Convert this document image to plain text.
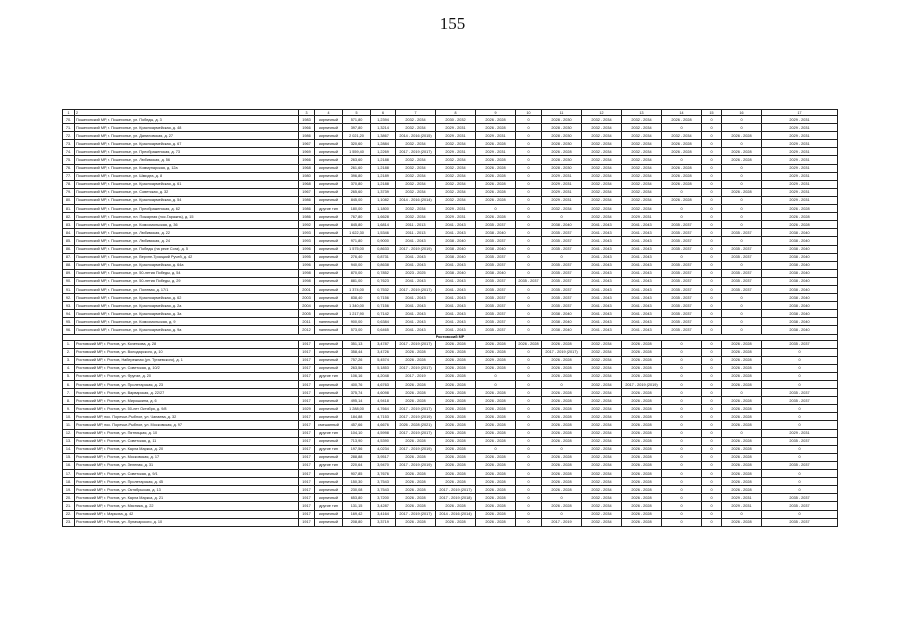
155
1	2	3	4	5	6	7	8	9	10	11	12	13	14	15	16	17
70.	Пошехонский МР, г. Пошехонье, ул. Победы, д. 3	1983	кирпичный	571,80	1,2394	2032 - 2034	2030 - 2032	2026 - 2028	0	2028 - 2030	2032 - 2034	2032 - 2034	2026 - 2028	0	0	2029 - 2031
71.	Пошехонский МР, г. Пошехонье, ул. Красноармейская, д. 48	1966	кирпичный	397,80	1,3214	2032 - 2034	2029 - 2031	2026 - 2028	0	2028 - 2030	2032 - 2034	2032 - 2034	0	0	0	2029 - 2031
72.	Пошехонский МР, г. Пошехонье, ул. Даниловская, д. 27	1986	кирпичный	2 021,20	1,3867	2014 - 2016 (2015)	2029 - 2031	2029 - 2031	0	2028 - 2030	2032 - 2034	2032 - 2034	2032 - 2034	0	2026 - 2028	2029 - 2031
73.	Пошехонский МР, г. Пошехонье, ул. Красноармейская, д. 67	1967	кирпичный	320,60	1,2884	2032 - 2034	2032 - 2034	2026 - 2028	0	2028 - 2030	2032 - 2034	2032 - 2034	2026 - 2028	0	0	2029 - 2031
74.	Пошехонский МР, г. Пошехонье, ул. Преображенская, д. 73	1969	кирпичный	1 559,40	1,2269	2017 - 2019 (2017)	2029 - 2031	2029 - 2031	0	2026 - 2028	2032 - 2034	2032 - 2034	2026 - 2028	0	2026 - 2028	2029 - 2031
75.	Пошехонский МР, г. Пошехонье, ул. Любимская, д. 56	1966	кирпичный	263,60	1,2188	2032 - 2034	2032 - 2034	2026 - 2028	0	2028 - 2030	2032 - 2034	2032 - 2034	0	0	2026 - 2028	2029 - 2031
76.	Пошехонский МР, г. Пошехонье, ул. Коммунарская, д. 12а	1968	кирпичный	261,60	1,2188	2032 - 2034	2032 - 2034	2026 - 2028	0	2028 - 2030	2032 - 2034	2032 - 2034	2026 - 2028	0	0	2029 - 2031
77.	Пошехонский МР, г. Пошехонье, ул. Шмидта, д. 8	1980	кирпичный	396,80	1,2189	2032 - 2034	2032 - 2034	2026 - 2028	0	2029 - 2031	2032 - 2034	2032 - 2034	2026 - 2028	0	0	2029 - 2031
78.	Пошехонский МР, г. Пошехонье, ул. Красноармейская, д. 61	1968	кирпичный	370,80	1,2188	2032 - 2034	2032 - 2034	2026 - 2028	0	2029 - 2031	2032 - 2034	2032 - 2034	2026 - 2028	0	0	2029 - 2031
79.	Пошехонский МР, г. Пошехонье, ул. Советская, д. 32	1967	кирпичный	265,60	1,3739	2032 - 2034	2032 - 2034	2026 - 2028	0	2029 - 2031	2032 - 2034	2032 - 2034	0	0	2026 - 2028	2029 - 2031
80.	Пошехонский МР, г. Пошехонье, ул. Красноармейская, д. 54	1986	кирпичный	845,00	1,1082	2014 - 2016 (2014)	2032 - 2034	2026 - 2028	0	2029 - 2031	2032 - 2034	2032 - 2034	2026 - 2028	0	0	2029 - 2031
81.	Пошехонский МР, г. Пошехонье, ул. Преображенская, д. 62	1986	другие тип	180,00	1,1800	2032 - 2034	2029 - 2031	0	0	2032 - 2034	2032 - 2034	2032 - 2034	0	0	0	2026 - 2028
82.	Пошехонский МР, г. Пошехонье, пл. Пожарная (пос.Гаражнь), д. 15	1986	кирпичный	767,80	1,6628	2032 - 2034	2029 - 2031	2026 - 2028	0	0	2032 - 2034	2029 - 2031	0	0	0	2026 - 2028
83.	Пошехонский МР, г. Пошехонье, ул. Комсомольская, д. 36	1992	кирпичный	845,80	1,6814	2011 - 2013	2041 - 2043	2035 - 2037	0	2038 - 2040	2041 - 2043	2041 - 2043	2035 - 2037	0	0	2026 - 2028
84.	Пошехонский МР, г. Пошехонье, ул. Любимская, д. 22	1993	кирпичный	1 622,30	1,5346	2011 - 2013	2041 - 2043	2038 - 2040	0	2035 - 2037	2041 - 2043	2041 - 2043	2035 - 2037	0	2035 - 2037	2038 - 2040
85.	Пошехонский МР, г. Пошехонье, ул. Любимская, д. 24	1993	кирпичный	971,80	0,9000	2041 - 2043	2038 - 2040	2035 - 2037	0	2035 - 2037	2041 - 2043	2041 - 2043	2035 - 2037	0	0	2038 - 2040
86.	Пошехонский МР, г. Пошехонье, ул. Победы (на реке Сога), д. 5	1996	кирпичный	1 575,00	0,8633	2017 - 2019 (2019)	2038 - 2040	2038 - 2040	0	2035 - 2037	2041 - 2043	2041 - 2043	2035 - 2037	0	2035 - 2037	2038 - 2040
87.	Пошехонский МР, г. Пошехонье, ул. Верхне-Троицкий Ручей, д. 42	1995	кирпичный	276,40	0,8731	2041 - 2043	2038 - 2040	2035 - 2037	0	0	2041 - 2043	2041 - 2043	0	0	2035 - 2037	2038 - 2040
88.	Пошехонский МР, г. Пошехонье, ул. Красноармейская, д. 64а	1996	кирпичный	940,00	0,8638	2041 - 2043	2041 - 2043	2035 - 2037	0	2035 - 2037	2041 - 2043	2041 - 2043	2035 - 2037	0	0	2038 - 2040
89.	Пошехонский МР, г. Пошехонье, ул. 50-летия Победы, д. 54	1998	кирпичный	870,00	0,7852	2023 - 2025	2038 - 2040	2038 - 2040	0	2035 - 2037	2041 - 2043	2041 - 2043	2035 - 2037	0	2035 - 2037	2038 - 2040
90.	Пошехонский МР, г. Пошехонье, ул. 50-летия Победы, д. 29	1998	кирпичный	881,00	0,7623	2041 - 2043	2041 - 2043	2035 - 2037	2035 - 2037	2035 - 2037	2041 - 2043	2041 - 2043	2035 - 2037	0	2035 - 2037	2038 - 2040
91.	Пошехонский МР, г. Пошехонье, ул. Полевая, д. 17/1	2001	кирпичный	1 374,00	0,7532	2017 - 2019 (2017)	2041 - 2043	2035 - 2037	0	2035 - 2037	2041 - 2043	2041 - 2043	2035 - 2037	0	2035 - 2037	2038 - 2040
92.	Пошехонский МР, г. Пошехонье, ул. Красноармейская, д. 62	2003	кирпичный	838,40	0,7156	2041 - 2043	2041 - 2043	2035 - 2037	0	2035 - 2037	2041 - 2043	2041 - 2043	2035 - 2037	0	0	2038 - 2040
93.	Пошехонский МР, г. Пошехонье, ул. Красноармейская, д. 2а	2004	кирпичный	1 340,00	0,7156	2041 - 2043	2041 - 2043	2035 - 2037	0	2035 - 2037	2041 - 2043	2041 - 2043	2035 - 2037	0	0	2038 - 2040
94.	Пошехонский МР, г. Пошехонье, ул. Красноармейская, д. 3а	2005	кирпичный	1 217,90	0,7142	2041 - 2043	2041 - 2043	2035 - 2037	0	2038 - 2040	2041 - 2043	2041 - 2043	2035 - 2037	0	0	2038 - 2040
95.	Пошехонский МР, г. Пошехонье, ул. Комсомольская, д. 9	2011	панельный	900,00	0,6384	2041 - 2043	2041 - 2043	2035 - 2037	0	2038 - 2040	2041 - 2043	2041 - 2043	2035 - 2037	0	0	2038 - 2040
96.	Пошехонский МР, г. Пошехонье, ул. Красноармейская, д. 9а	2012	панельный	573,00	0,6465	2041 - 2043	2041 - 2043	2035 - 2037	0	2038 - 2040	2041 - 2043	2041 - 2043	2035 - 2037	0	0	2038 - 2040
Ростовский МР																
1.	Ростовский МР, г. Ростов, ул. Кочеткова, д. 28	1917	кирпичный	351,13	3,4787	2017 - 2019 (2017)	2026 - 2028	2026 - 2028	2026 - 2028	2026 - 2028	2032 - 2034	2026 - 2028	0	0	2026 - 2028	2035 - 2037
2.	Ростовский МР, г. Ростов, ул. Володарского, д. 10	1917	кирпичный	358,44	3,4726	2026 - 2028	2026 - 2028	2026 - 2028	0	2017 - 2019 (2017)	2032 - 2034	2026 - 2028	0	0	2026 - 2028	0
3.	Ростовский МР, г. Ростов, Набережная (ул. Тутаевского), д. 1	1917	кирпичный	757,26	5,4574	2026 - 2028	2026 - 2028	2029 - 2028	0	2026 - 2028	2032 - 2034	2026 - 2028	0	0	2026 - 2028	0
4.	Ростовский МР, г. Ростов, ул. Советская, д. 10/2	1917	кирпичный	263,56	5,1853	2017 - 2019 (2017)	2026 - 2028	2026 - 2028	0	2026 - 2028	2032 - 2034	2026 - 2028	0	0	2026 - 2028	0
5.	Ростовский МР, г. Ростов, ул. Фрунзе, д. 20	1917	другие тип	106,16	4,2048	2017 - 2019	2026 - 2028	0	0	2026 - 2028	2032 - 2034	2026 - 2028	0	0	2026 - 2028	0
6.	Ростовский МР, г. Ростов, ул. Пролетарская, д. 23	1917	кирпичный	400,76	4,6763	2026 - 2028	2026 - 2028	0	0	0	2032 - 2034	2017 - 2019 (2019)	0	0	2026 - 2028	0
7.	Ростовский МР, г. Ростов, ул. Варварская, д. 22/27	1917	кирпичный	375,74	4,6098	2026 - 2028	2026 - 2028	2026 - 2028	0	2026 - 2028	2032 - 2034	2026 - 2028	0	0	0	2035 - 2037
8.	Ростовский МР, г. Ростов, ул. Мирошкина, д. 6	1917	кирпичный	495,14	4,9418	2026 - 2028	2026 - 2028	2026 - 2028	0	2026 - 2028	2032 - 2034	2026 - 2028	0	0	2026 - 2028	2035 - 2037
9.	Ростовский МР, г. Ростов, ул. 50-лет Октября, д. 9/8	1929	кирпичный	1 288,00	4,7664	2017 - 2019 (2017)	2026 - 2028	2026 - 2028	0	2026 - 2028	2032 - 2034	2026 - 2028	0	0	2026 - 2028	0
10.	Ростовский МР, пос. Поречье-Рыбное, ул. Чапаева, д. 32	1917	кирпичный	184,88	4,7153	2017 - 2019 (2019)	2026 - 2028	2026 - 2028	0	2026 - 2028	2032 - 2034	2026 - 2028	0	0	2026 - 2028	0
11.	Ростовский МР, пос. Поречье-Рыбное, ул. Московская, д. 97	1917	смешанный	457,66	4,6676	2026 - 2028 (2021)	2026 - 2028	2026 - 2028	0	2026 - 2028	2032 - 2034	2026 - 2028	0	0	2026 - 2028	0
12.	Ростовский МР, г. Ростов, ул. Пятницкая, д. 10	1917	другие тип	104,10	4,5998	2017 - 2019 (2017)	2026 - 2028	2026 - 2028	0	2026 - 2028	2032 - 2034	2026 - 2028	0	0	0	2029 - 2031
13.	Ростовский МР, г. Ростов, ул. Советская, д. 11	1917	кирпичный	713,90	4,5390	2026 - 2028	2026 - 2028	2026 - 2028	0	2026 - 2028	2032 - 2034	2026 - 2028	0	0	2026 - 2028	2035 - 2037
14.	Ростовский МР, г. Ростов, ул. Карла Маркса, д. 20	1917	другие тип	197,56	4,0234	2017 - 2019 (2019)	2026 - 2028	0	0	0	2032 - 2034	2026 - 2028	0	0	2026 - 2028	0
15.	Ростовский МР, г. Ростов, ул. Московская, д. 17	1917	кирпичный	288,88	3,9517	2026 - 2028	2026 - 2028	2026 - 2028	0	2026 - 2028	2032 - 2034	2026 - 2028	0	0	2026 - 2028	0
16.	Ростовский МР, г. Ростов, ул. Зеленая, д. 31	1917	другие тип	220,64	3,9470	2017 - 2019 (2019)	2026 - 2028	2026 - 2028	0	2026 - 2028	2032 - 2034	2026 - 2028	0	0	2026 - 2028	2035 - 2037
17.	Ростовский МР, г. Ростов, ул. Советская, д. 9/1	1917	кирпичный	907,85	3,7676	2026 - 2028	2026 - 2028	2026 - 2028	0	2026 - 2028	2032 - 2034	2026 - 2028	0	0	2026 - 2028	0
18.	Ростовский МР, г. Ростов, ул. Пролетарская, д. 45	1917	кирпичный	150,30	3,7543	2026 - 2028	2026 - 2028	2026 - 2028	0	2026 - 2028	2032 - 2034	2026 - 2028	0	0	2026 - 2028	0
19.	Ростовский МР, г. Ростов, ул. Октябрьская, д. 13	1917	кирпичный	230,08	3,7543	2026 - 2028	2017 - 2019 (2017)	2026 - 2028	0	2026 - 2028	2032 - 2034	2026 - 2028	0	0	2026 - 2028	0
20.	Ростовский МР, г. Ростов, ул. Карла Маркса, д. 21	1917	кирпичный	653,80	3,7200	2026 - 2028	2017 - 2019 (2018)	2026 - 2028	0	0	2032 - 2034	2026 - 2028	0	0	2029 - 2031	2035 - 2037
21.	Ростовский МР, г. Ростов, ул. Мясника, д. 22	1917	другие тип	131,15	3,4287	2026 - 2028	2026 - 2028	2026 - 2028	0	2026 - 2028	2032 - 2034	2026 - 2028	0	0	2029 - 2031	2035 - 2037
22.	Ростовский МР, г. Марьиха, д. 42	1917	кирпичный	169,42	3,4164	2017 - 2019 (2017)	2014 - 2016 (2014)	2026 - 2028	0	0	2032 - 2034	2026 - 2028	0	0	0	0
23.	Ростовский МР, г. Ростов, ул. Луначарского, д. 10	1917	кирпичный	208,80	3,3719	2026 - 2028	2026 - 2028	2026 - 2028	0	2017 - 2019	2032 - 2034	2026 - 2028	0	0	2026 - 2028	2035 - 2037
